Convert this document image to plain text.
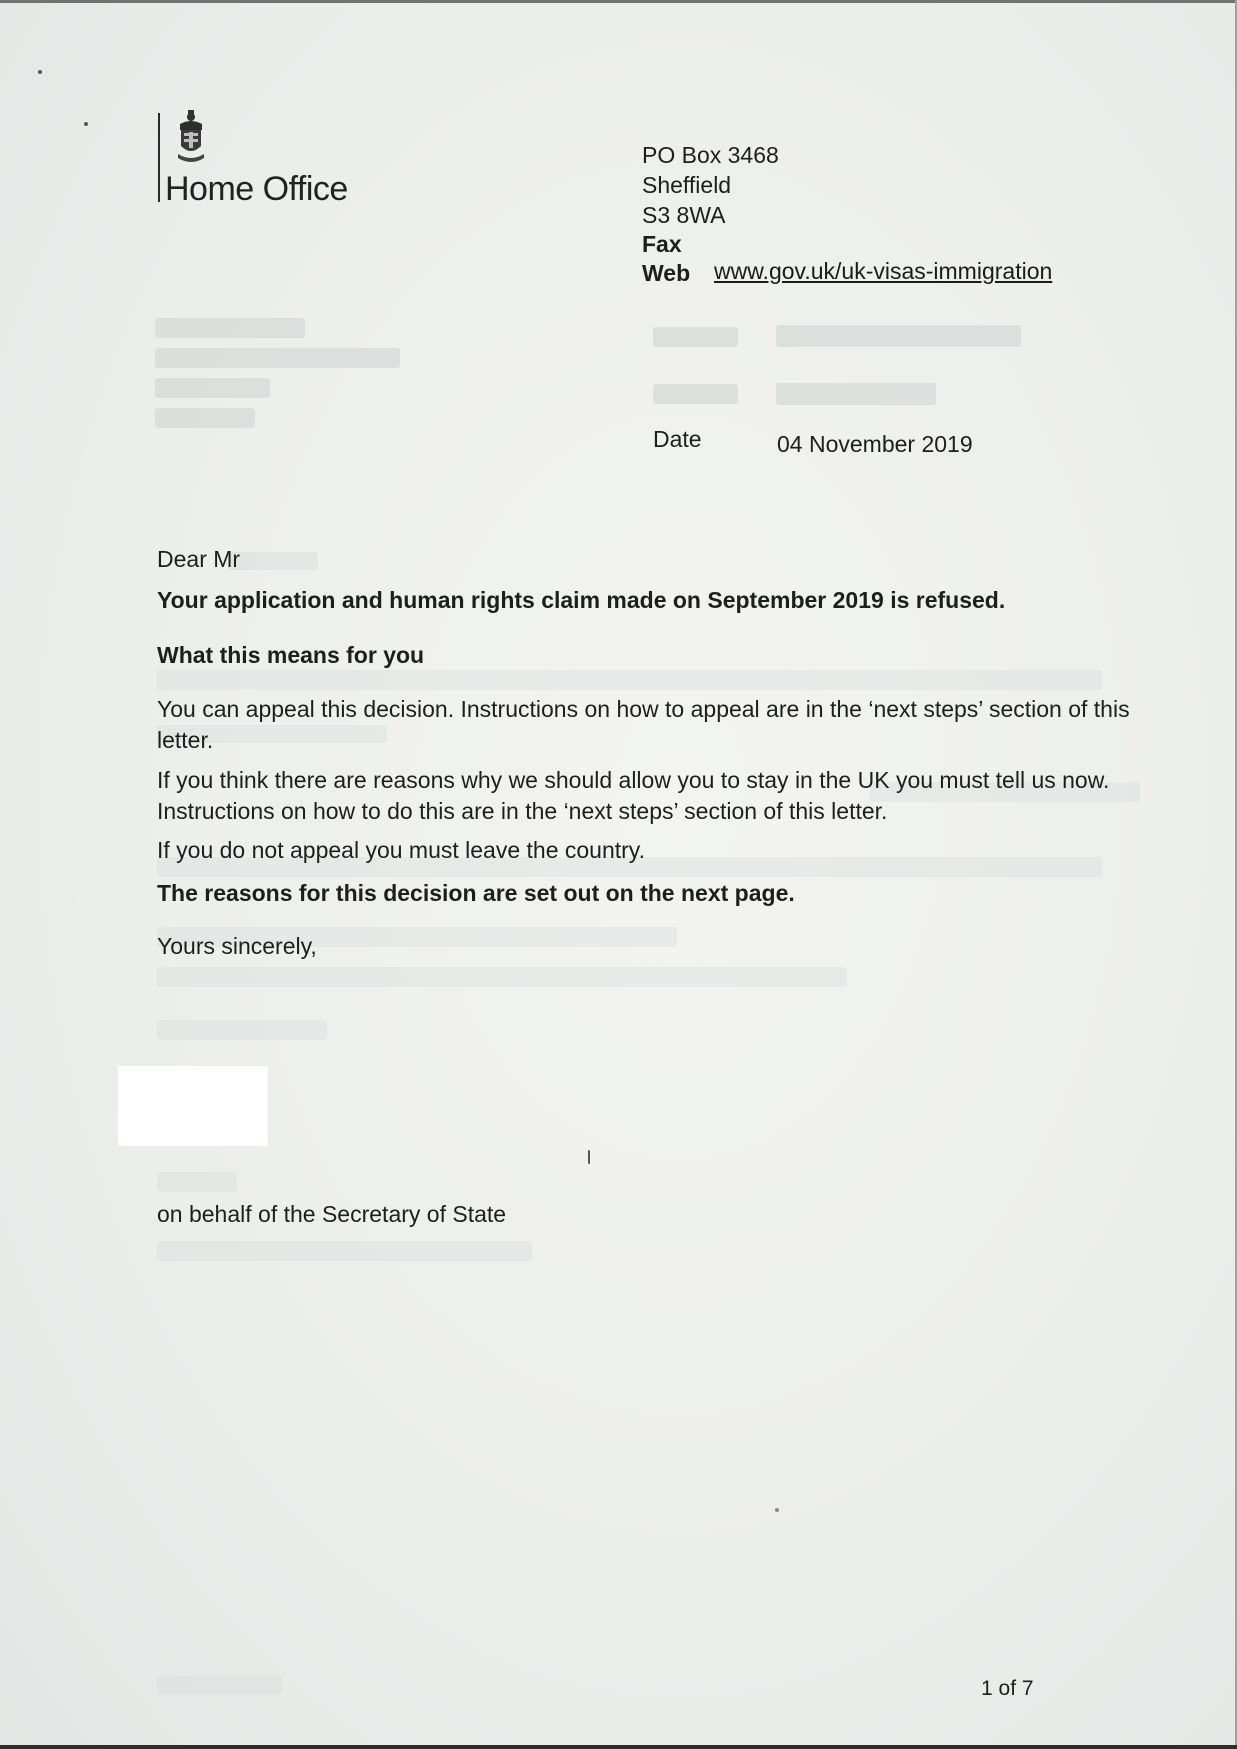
Home Office
PO Box 3468
Sheffield
S3 8WA
Fax
Web www.gov.uk/uk-visas-immigration
Date	04 November 2019
Dear Mr
Your application and human rights claim made on September 2019 is refused.
What this means for you
You can appeal this decision. Instructions on how to appeal are in the ‘next steps’ section of this letter.
If you think there are reasons why we should allow you to stay in the UK you must tell us now. Instructions on how to do this are in the ‘next steps’ section of this letter.
If you do not appeal you must leave the country.
The reasons for this decision are set out on the next page.
Yours sincerely,
on behalf of the Secretary of State
1 of 7
